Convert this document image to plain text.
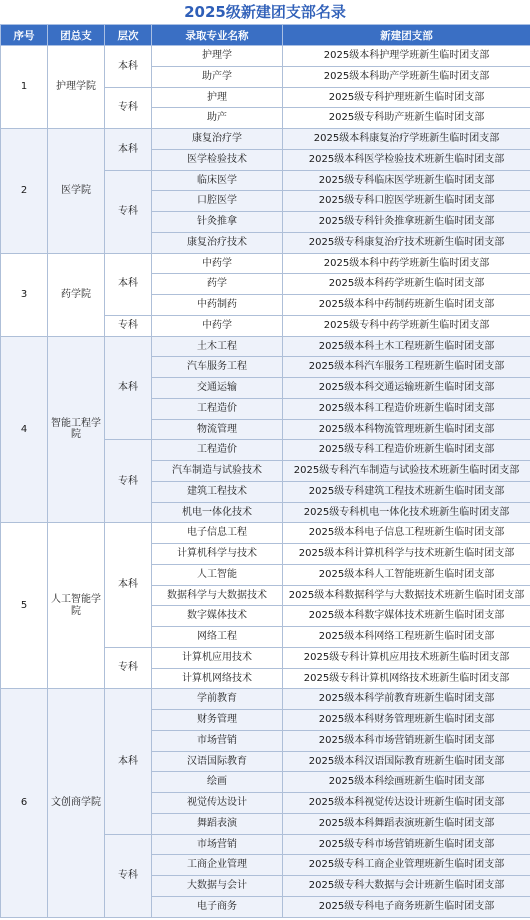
2025级新建团支部名录
序号	团总支	层次	录取专业名称	新建团支部
1	护理学院	本科	护理学	2025级本科护理学班新生临时团支部
			助产学	2025级本科助产学班新生临时团支部
		专科	护理	2025级专科护理班新生临时团支部
			助产	2025级专科助产班新生临时团支部
2	医学院	本科	康复治疗学	2025级本科康复治疗学班新生临时团支部
			医学检验技术	2025级本科医学检验技术班新生临时团支部
		专科	临床医学	2025级专科临床医学班新生临时团支部
			口腔医学	2025级专科口腔医学班新生临时团支部
			针灸推拿	2025级专科针灸推拿班新生临时团支部
			康复治疗技术	2025级专科康复治疗技术班新生临时团支部
3	药学院	本科	中药学	2025级本科中药学班新生临时团支部
			药学	2025级本科药学班新生临时团支部
			中药制药	2025级本科中药制药班新生临时团支部
		专科	中药学	2025级专科中药学班新生临时团支部
4	智能工程学院	本科	土木工程	2025级本科土木工程班新生临时团支部
			汽车服务工程	2025级本科汽车服务工程班新生临时团支部
			交通运输	2025级本科交通运输班新生临时团支部
			工程造价	2025级本科工程造价班新生临时团支部
			物流管理	2025级本科物流管理班新生临时团支部
		专科	工程造价	2025级专科工程造价班新生临时团支部
			汽车制造与试验技术	2025级专科汽车制造与试验技术班新生临时团支部
			建筑工程技术	2025级专科建筑工程技术班新生临时团支部
			机电一体化技术	2025级专科机电一体化技术班新生临时团支部
5	人工智能学院	本科	电子信息工程	2025级本科电子信息工程班新生临时团支部
			计算机科学与技术	2025级本科计算机科学与技术班新生临时团支部
			人工智能	2025级本科人工智能班新生临时团支部
			数据科学与大数据技术	2025级本科数据科学与大数据技术班新生临时团支部
			数字媒体技术	2025级本科数字媒体技术班新生临时团支部
			网络工程	2025级本科网络工程班新生临时团支部
		专科	计算机应用技术	2025级专科计算机应用技术班新生临时团支部
			计算机网络技术	2025级专科计算机网络技术班新生临时团支部
6	文创商学院	本科	学前教育	2025级本科学前教育班新生临时团支部
			财务管理	2025级本科财务管理班新生临时团支部
			市场营销	2025级本科市场营销班新生临时团支部
			汉语国际教育	2025级本科汉语国际教育班新生临时团支部
			绘画	2025级本科绘画班新生临时团支部
			视觉传达设计	2025级本科视觉传达设计班新生临时团支部
			舞蹈表演	2025级本科舞蹈表演班新生临时团支部
		专科	市场营销	2025级专科市场营销班新生临时团支部
			工商企业管理	2025级专科工商企业管理班新生临时团支部
			大数据与会计	2025级专科大数据与会计班新生临时团支部
			电子商务	2025级专科电子商务班新生临时团支部
